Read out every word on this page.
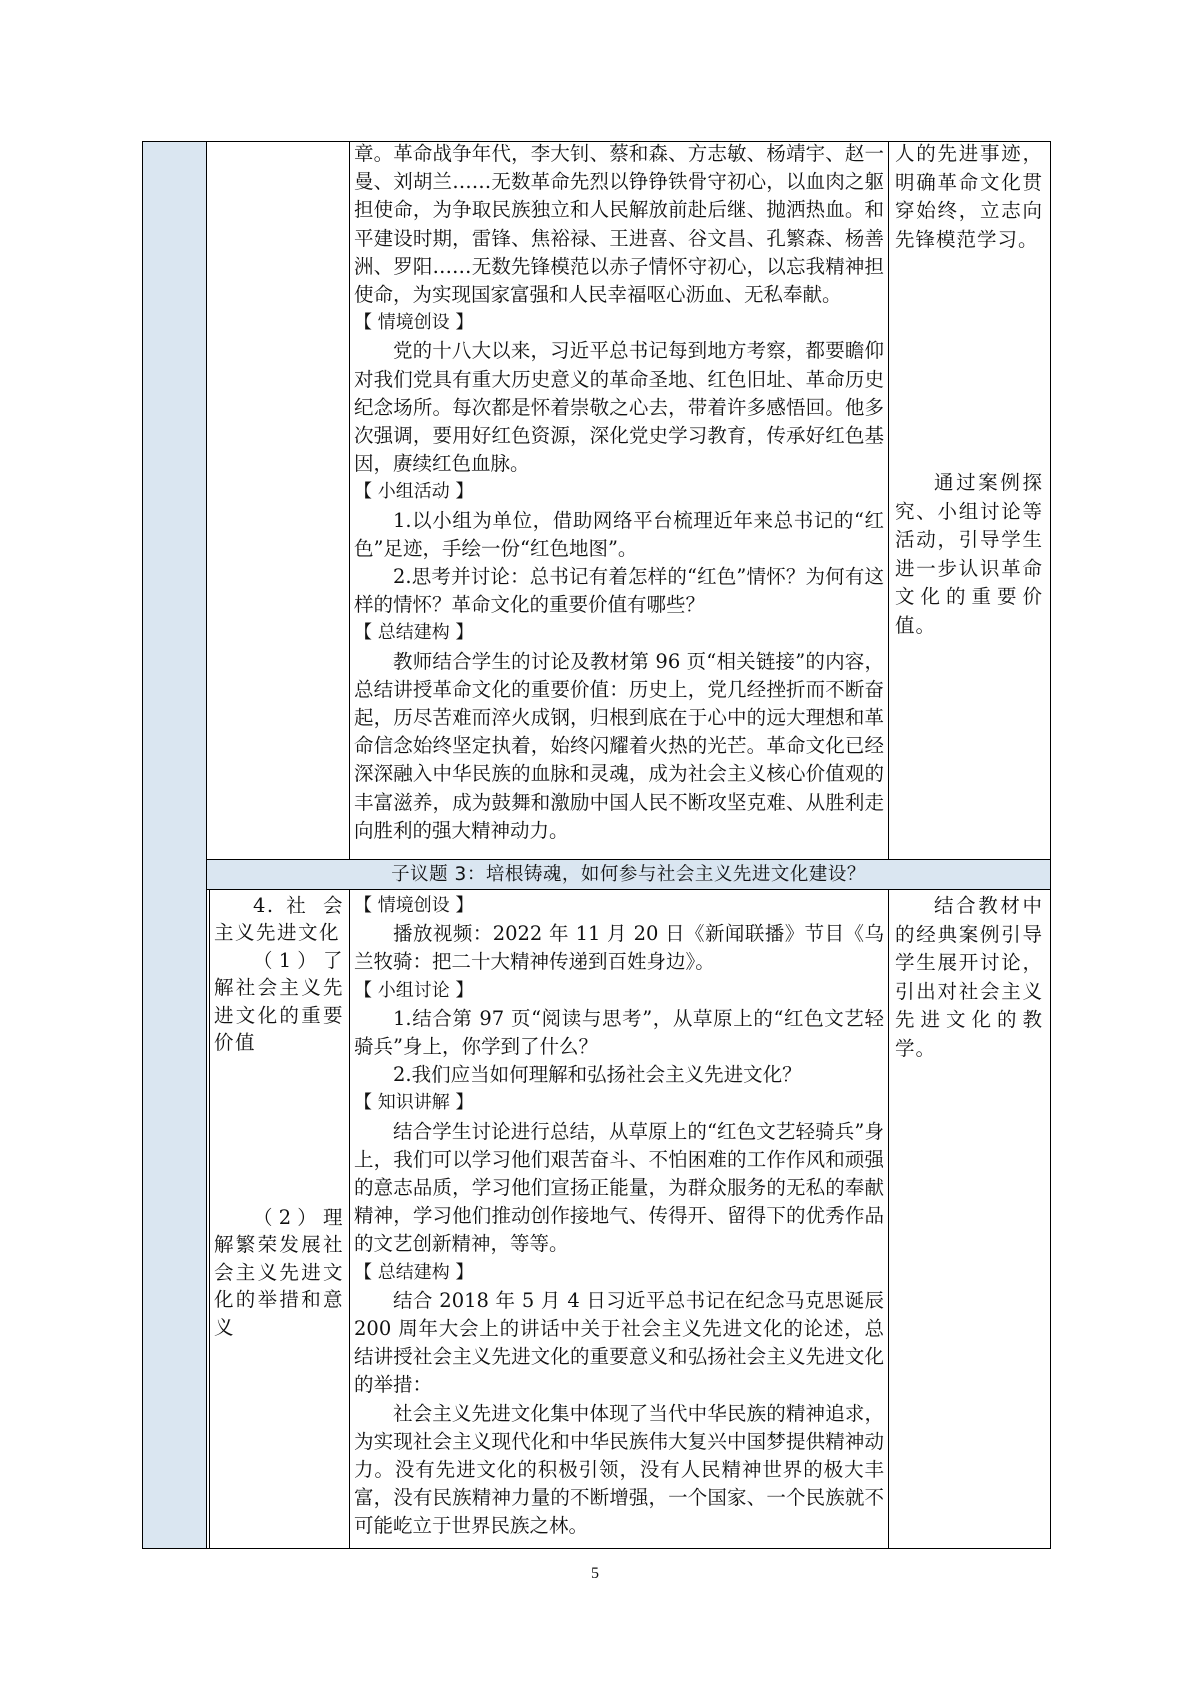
子议题 3：培根铸魂，如何参与社会主义先进文化建设？

章。革命战争年代，李大钊、蔡和森、方志敏、杨靖宇、赵一曼、刘胡兰……无数革命先烈以铮铮铁骨守初心，以血肉之躯担使命，为争取民族独立和人民解放前赴后继、抛洒热血。和平建设时期，雷锋、焦裕禄、王进喜、谷文昌、孔繁森、杨善洲、罗阳……无数先锋模范以赤子情怀守初心，以忘我精神担使命，为实现国家富强和人民幸福呕心沥血、无私奉献。

【 情境创设 】

党的十八大以来，习近平总书记每到地方考察，都要瞻仰对我们党具有重大历史意义的革命圣地、红色旧址、革命历史纪念场所。每次都是怀着崇敬之心去，带着许多感悟回。他多次强调，要用好红色资源，深化党史学习教育，传承好红色基因，赓续红色血脉。

【 小组活动 】

1.以小组为单位，借助网络平台梳理近年来总书记的“红色”足迹，手绘一份“红色地图”。

2.思考并讨论：总书记有着怎样的“红色”情怀？为何有这样的情怀？革命文化的重要价值有哪些？

【 总结建构 】

教师结合学生的讨论及教材第 96 页“相关链接”的内容，总结讲授革命文化的重要价值：历史上，党几经挫折而不断奋起，历尽苦难而淬火成钢，归根到底在于心中的远大理想和革命信念始终坚定执着，始终闪耀着火热的光芒。革命文化已经深深融入中华民族的血脉和灵魂，成为社会主义核心价值观的丰富滋养，成为鼓舞和激励中国人民不断攻坚克难、从胜利走向胜利的强大精神动力。

人的先进事迹，明确革命文化贯穿始终，立志向先锋模范学习。

通过案例探究、小组讨论等活动，引导学生进一步认识革命文化的重要价值。

4. 社 会主义先进文化

（1）了解社会主义先进文化的重要价值

（2）理解繁荣发展社会主义先进文化的举措和意义

【 情境创设 】

播放视频：2022 年 11 月 20 日《新闻联播》节目《乌兰牧骑：把二十大精神传递到百姓身边》。

【 小组讨论 】

1.结合第 97 页“阅读与思考”，从草原上的“红色文艺轻骑兵”身上，你学到了什么？

2.我们应当如何理解和弘扬社会主义先进文化？

【 知识讲解 】

结合学生讨论进行总结，从草原上的“红色文艺轻骑兵”身上，我们可以学习他们艰苦奋斗、不怕困难的工作作风和顽强的意志品质，学习他们宣扬正能量，为群众服务的无私的奉献精神，学习他们推动创作接地气、传得开、留得下的优秀作品的文艺创新精神，等等。

【 总结建构 】

结合 2018 年 5 月 4 日习近平总书记在纪念马克思诞辰 200 周年大会上的讲话中关于社会主义先进文化的论述，总结讲授社会主义先进文化的重要意义和弘扬社会主义先进文化的举措：

社会主义先进文化集中体现了当代中华民族的精神追求，为实现社会主义现代化和中华民族伟大复兴中国梦提供精神动力。没有先进文化的积极引领，没有人民精神世界的极大丰富，没有民族精神力量的不断增强，一个国家、一个民族就不可能屹立于世界民族之林。

结合教材中的经典案例引导学生展开讨论，引出对社会主义先进文化的教学。

5
